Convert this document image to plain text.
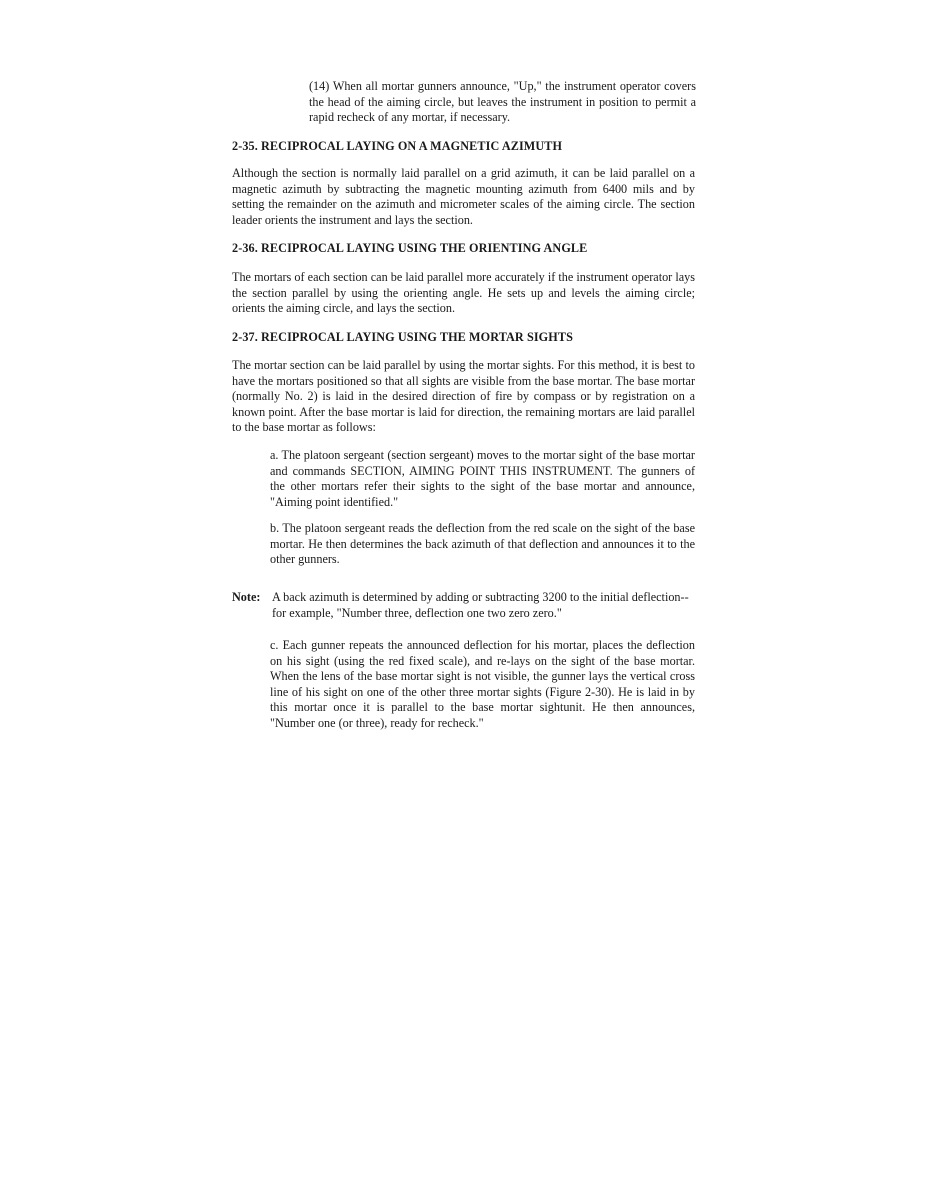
(14) When all mortar gunners announce, "Up," the instrument operator covers the head of the aiming circle, but leaves the instrument in position to permit a rapid recheck of any mortar, if necessary.

2-35. RECIPROCAL LAYING ON A MAGNETIC AZIMUTH

Although the section is normally laid parallel on a grid azimuth, it can be laid parallel on a magnetic azimuth by subtracting the magnetic mounting azimuth from 6400 mils and by setting the remainder on the azimuth and micrometer scales of the aiming circle. The section leader orients the instrument and lays the section.

2-36. RECIPROCAL LAYING USING THE ORIENTING ANGLE

The mortars of each section can be laid parallel more accurately if the instrument operator lays the section parallel by using the orienting angle. He sets up and levels the aiming circle; orients the aiming circle, and lays the section.

2-37. RECIPROCAL LAYING USING THE MORTAR SIGHTS

The mortar section can be laid parallel by using the mortar sights. For this method, it is best to have the mortars positioned so that all sights are visible from the base mortar. The base mortar (normally No. 2) is laid in the desired direction of fire by compass or by registration on a known point. After the base mortar is laid for direction, the remaining mortars are laid parallel to the base mortar as follows:

a. The platoon sergeant (section sergeant) moves to the mortar sight of the base mortar and commands SECTION, AIMING POINT THIS INSTRUMENT. The gunners of the other mortars refer their sights to the sight of the base mortar and announce, "Aiming point identified."

b. The platoon sergeant reads the deflection from the red scale on the sight of the base mortar. He then determines the back azimuth of that deflection and announces it to the other gunners.

Note: A back azimuth is determined by adding or subtracting 3200 to the initial deflection--for example, "Number three, deflection one two zero zero."

c. Each gunner repeats the announced deflection for his mortar, places the deflection on his sight (using the red fixed scale), and re-lays on the sight of the base mortar. When the lens of the base mortar sight is not visible, the gunner lays the vertical cross line of his sight on one of the other three mortar sights (Figure 2-30). He is laid in by this mortar once it is parallel to the base mortar sightunit. He then announces, "Number one (or three), ready for recheck."
